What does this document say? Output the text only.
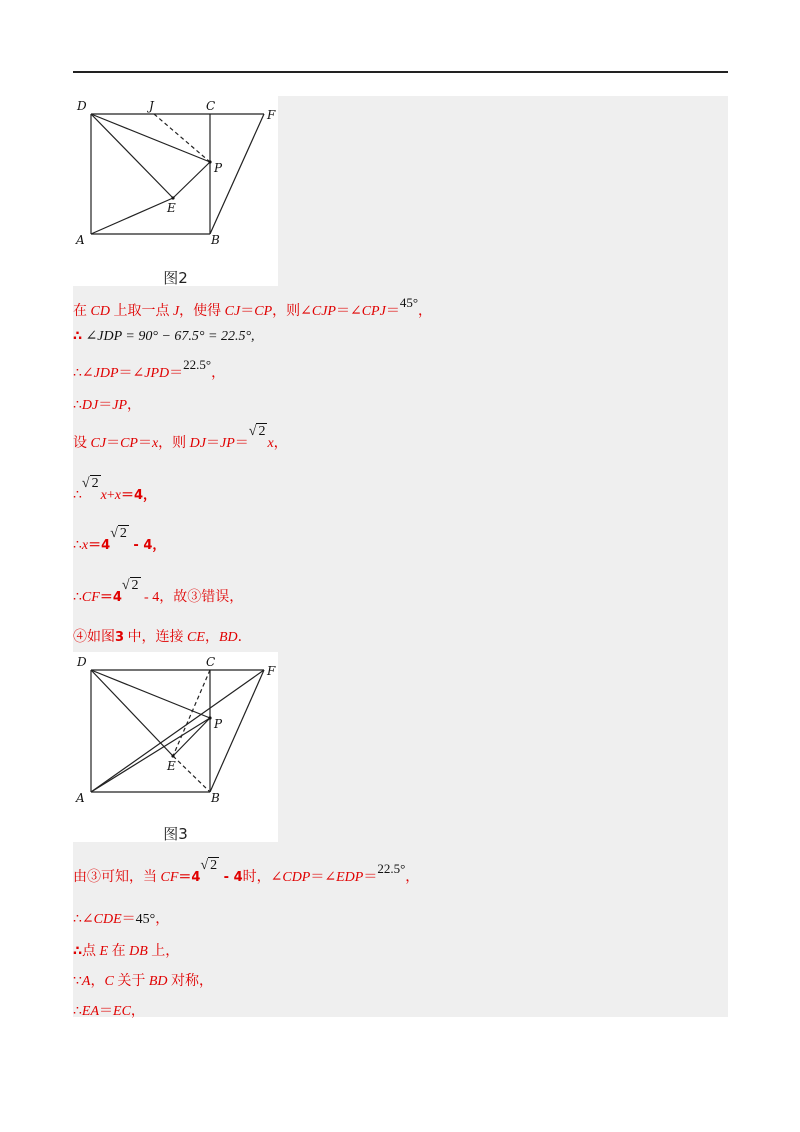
D	J	C
F
P
E
A	B
图2
在 CD 上取一点 J，使得 CJ＝CP，则∠CJP＝∠CPJ＝45°，
∴ ∠JDP = 90° − 67.5° = 22.5°,
∴∠JDP＝∠JPD＝22.5°，
∴DJ＝JP，
设 CJ＝CP＝x，则 DJ＝JP＝√ 2x，
∴√ 2x+x＝4，
∴x＝4√ 2 - 4，
∴CF＝4√ 2 - 4，故③错误，
④如图3 中，连接 CE，BD．
D	C
F
P
E
A	B
图3
由③可知，当 CF＝4√ 2 - 4时，∠CDP＝∠EDP＝22.5°，
∴∠CDE＝45°，
∴点 E 在 DB 上，
∵A，C 关于 BD 对称，
∴EA＝EC，
